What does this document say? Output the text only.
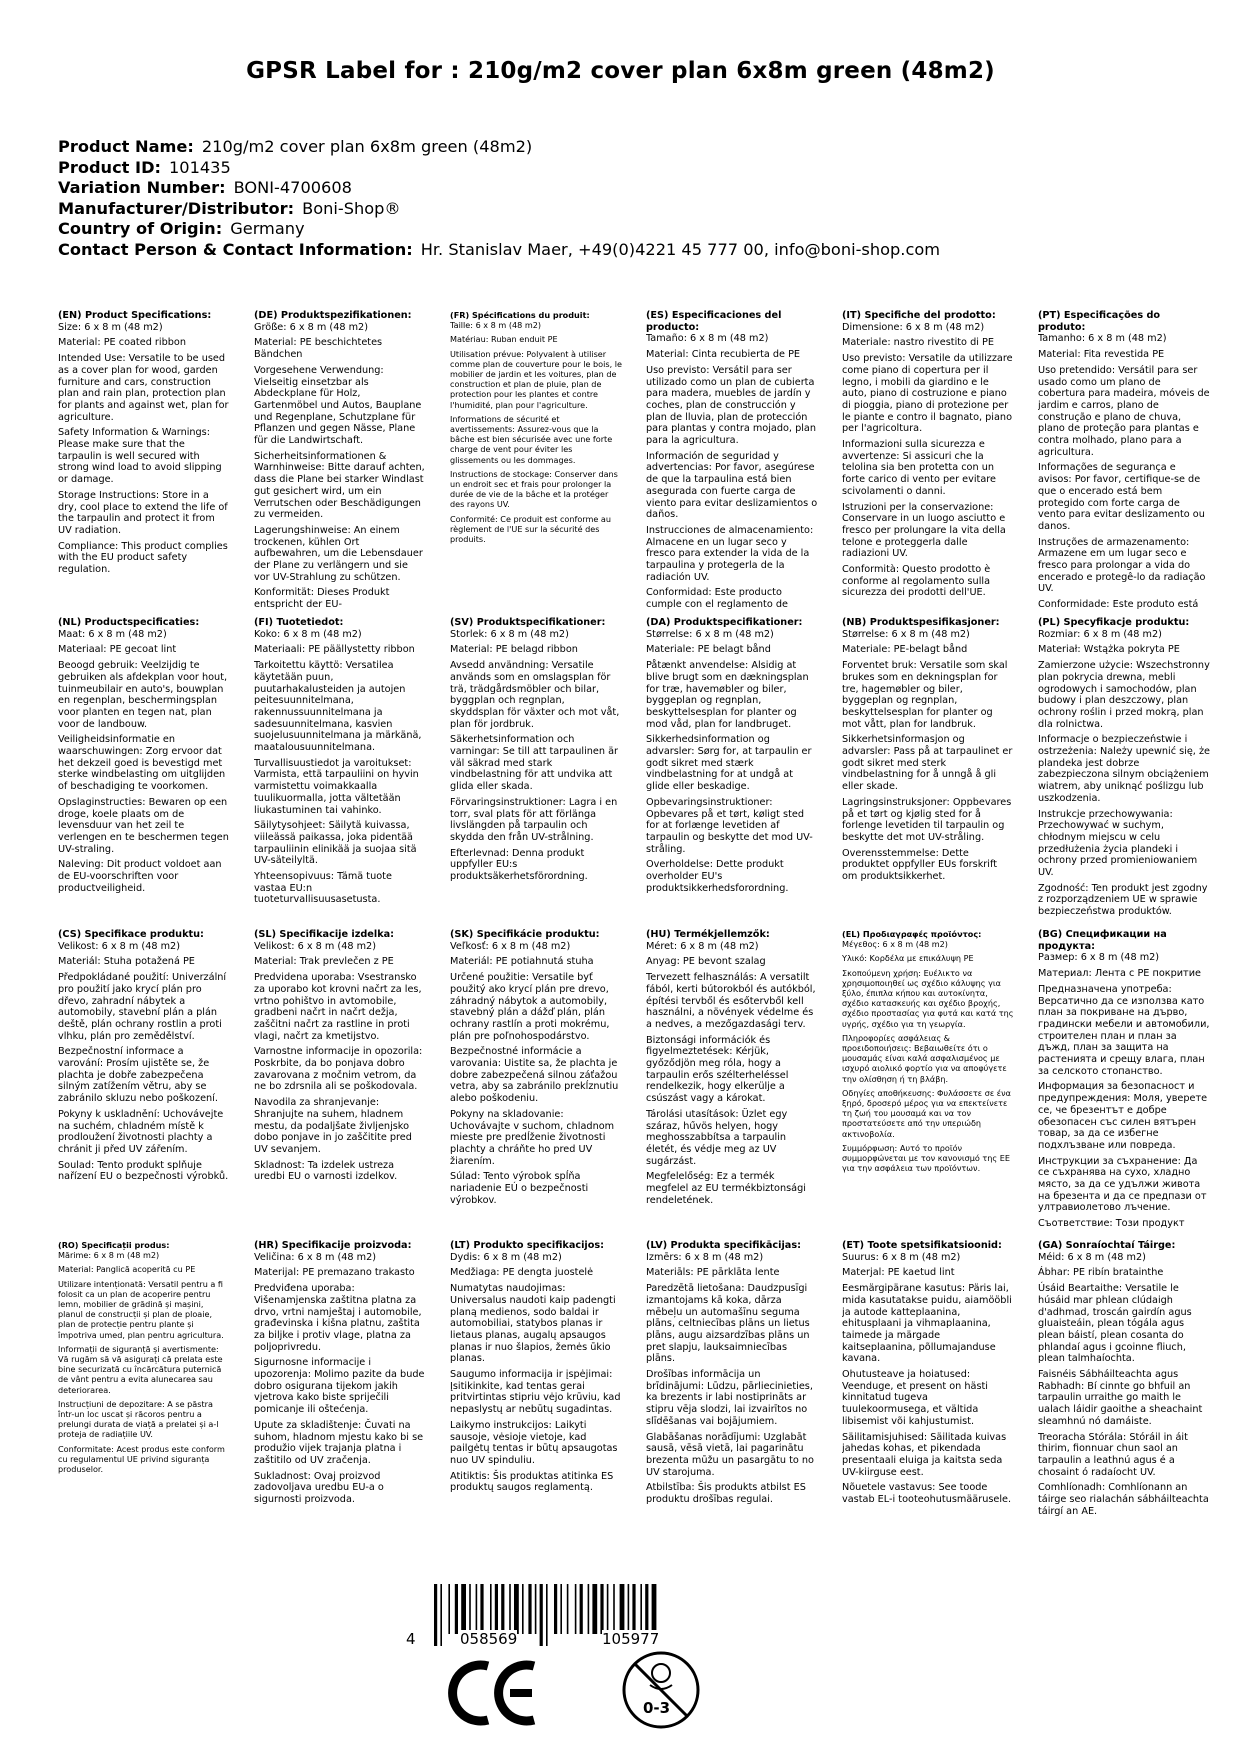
GPSR Label for : 210g/m2 cover plan 6x8m green (48m2)
Product Name: 210g/m2 cover plan 6x8m green (48m2)
Product ID: 101435
Variation Number: BONI-4700608
Manufacturer/Distributor: Boni-Shop®
Country of Origin: Germany
Contact Person & Contact Information: Hr. Stanislav Maer, +49(0)4221 45 777 00, info@boni-shop.com
(EN) Product Specifications:

Size: 6 x 8 m (48 m2)

Material: PE coated ribbon

Intended Use: Versatile to be used as a cover plan for wood, garden furniture and cars, construction plan and rain plan, protection plan for plants and against wet, plan for agriculture.

Safety Information & Warnings: Please make sure that the tarpaulin is well secured with strong wind load to avoid slipping or damage.

Storage Instructions: Store in a dry, cool place to extend the life of the tarpaulin and protect it from UV radiation.

Compliance: This product complies with the EU product safety regulation.

(DE) Produktspezifikationen:

Größe: 6 x 8 m (48 m2)

Material: PE beschichtetes Bändchen

Vorgesehene Verwendung: Vielseitig einsetzbar als Abdeckplane für Holz, Gartenmöbel und Autos, Bauplane und Regenplane, Schutzplane für Pflanzen und gegen Nässe, Plane für die Landwirtschaft.

Sicherheitsinformationen & Warnhinweise: Bitte darauf achten, dass die Plane bei starker Windlast gut gesichert wird, um ein Verrutschen oder Beschädigungen zu vermeiden.

Lagerungshinweise: An einem trockenen, kühlen Ort aufbewahren, um die Lebensdauer der Plane zu verlängern und sie vor UV-Strahlung zu schützen.

Konformität: Dieses Produkt entspricht der EU-

(FR) Spécifications du produit:

Taille: 6 x 8 m (48 m2)

Matériau: Ruban enduit PE

Utilisation prévue: Polyvalent à utiliser comme plan de couverture pour le bois, le mobilier de jardin et les voitures, plan de construction et plan de pluie, plan de protection pour les plantes et contre l'humidité, plan pour l'agriculture.

Informations de sécurité et avertissements: Assurez-vous que la bâche est bien sécurisée avec une forte charge de vent pour éviter les glissements ou les dommages.

Instructions de stockage: Conserver dans un endroit sec et frais pour prolonger la durée de vie de la bâche et la protéger des rayons UV.

Conformité: Ce produit est conforme au règlement de l'UE sur la sécurité des produits.

(ES) Especificaciones del producto:

Tamaño: 6 x 8 m (48 m2)

Material: Cinta recubierta de PE

Uso previsto: Versátil para ser utilizado como un plan de cubierta para madera, muebles de jardín y coches, plan de construcción y plan de lluvia, plan de protección para plantas y contra mojado, plan para la agricultura.

Información de seguridad y advertencias: Por favor, asegúrese de que la tarpaulina está bien asegurada con fuerte carga de viento para evitar deslizamientos o daños.

Instrucciones de almacenamiento: Almacene en un lugar seco y fresco para extender la vida de la tarpaulina y protegerla de la radiación UV.

Conformidad: Este producto cumple con el reglamento de

(IT) Specifiche del prodotto:

Dimensione: 6 x 8 m (48 m2)

Materiale: nastro rivestito di PE

Uso previsto: Versatile da utilizzare come piano di copertura per il legno, i mobili da giardino e le auto, piano di costruzione e piano di pioggia, piano di protezione per le piante e contro il bagnato, piano per l'agricoltura.

Informazioni sulla sicurezza e avvertenze: Si assicuri che la telolina sia ben protetta con un forte carico di vento per evitare scivolamenti o danni.

Istruzioni per la conservazione: Conservare in un luogo asciutto e fresco per prolungare la vita della telone e proteggerla dalle radiazioni UV.

Conformità: Questo prodotto è conforme al regolamento sulla sicurezza dei prodotti dell'UE.

(PT) Especificações do produto:

Tamanho: 6 x 8 m (48 m2)

Material: Fita revestida PE

Uso pretendido: Versátil para ser usado como um plano de cobertura para madeira, móveis de jardim e carros, plano de construção e plano de chuva, plano de proteção para plantas e contra molhado, plano para a agricultura.

Informações de segurança e avisos: Por favor, certifique-se de que o encerado está bem protegido com forte carga de vento para evitar deslizamento ou danos.

Instruções de armazenamento: Armazene em um lugar seco e fresco para prolongar a vida do encerado e protegê-lo da radiação UV.

Conformidade: Este produto está

(NL) Productspecificaties:

Maat: 6 x 8 m (48 m2)

Materiaal: PE gecoat lint

Beoogd gebruik: Veelzijdig te gebruiken als afdekplan voor hout, tuinmeubilair en auto's, bouwplan en regenplan, beschermingsplan voor planten en tegen nat, plan voor de landbouw.

Veiligheidsinformatie en waarschuwingen: Zorg ervoor dat het dekzeil goed is bevestigd met sterke windbelasting om uitglijden of beschadiging te voorkomen.

Opslaginstructies: Bewaren op een droge, koele plaats om de levensduur van het zeil te verlengen en te beschermen tegen UV-straling.

Naleving: Dit product voldoet aan de EU-voorschriften voor productveiligheid.

(FI) Tuotetiedot:

Koko: 6 x 8 m (48 m2)

Materiaali: PE päällystetty ribbon

Tarkoitettu käyttö: Versatilea käytetään puun, puutarhakalusteiden ja autojen peitesuunnitelmana, rakennussuunnitelmana ja sadesuunnitelmana, kasvien suojelusuunnitelmana ja märkänä, maatalousuunnitelmana.

Turvallisuustiedot ja varoitukset: Varmista, että tarpauliini on hyvin varmistettu voimakkaalla tuulikuormalla, jotta vältetään liukastuminen tai vahinko.

Säilytysohjeet: Säilytä kuivassa, viileässä paikassa, joka pidentää tarpauliinin elinikää ja suojaa sitä UV-säteilyltä.

Yhteensopivuus: Tämä tuote vastaa EU:n tuoteturvallisuusasetusta.

(SV) Produktspecifikationer:

Storlek: 6 x 8 m (48 m2)

Material: PE belagd ribbon

Avsedd användning: Versatile används som en omslagsplan för trä, trädgårdsmöbler och bilar, byggplan och regnplan, skyddsplan för växter och mot våt, plan för jordbruk.

Säkerhetsinformation och varningar: Se till att tarpaulinen är väl säkrad med stark vindbelastning för att undvika att glida eller skada.

Förvaringsinstruktioner: Lagra i en torr, sval plats för att förlänga livslängden på tarpaulin och skydda den från UV-strålning.

Efterlevnad: Denna produkt uppfyller EU:s produktsäkerhetsförordning.

(DA) Produktspecifikationer:

Størrelse: 6 x 8 m (48 m2)

Materiale: PE belagt bånd

Påtænkt anvendelse: Alsidig at blive brugt som en dækningsplan for træ, havemøbler og biler, byggeplan og regnplan, beskyttelsesplan for planter og mod våd, plan for landbruget.

Sikkerhedsinformation og advarsler: Sørg for, at tarpaulin er godt sikret med stærk vindbelastning for at undgå at glide eller beskadige.

Opbevaringsinstruktioner: Opbevares på et tørt, køligt sted for at forlænge levetiden af tarpaulin og beskytte det mod UV-stråling.

Overholdelse: Dette produkt overholder EU's produktsikkerhedsforordning.

(NB) Produktspesifikasjoner:

Størrelse: 6 x 8 m (48 m2)

Materiale: PE-belagt bånd

Forventet bruk: Versatile som skal brukes som en dekningsplan for tre, hagemøbler og biler, byggeplan og regnplan, beskyttelsesplan for planter og mot vått, plan for landbruk.

Sikkerhetsinformasjon og advarsler: Pass på at tarpaulinet er godt sikret med sterk vindbelastning for å unngå å gli eller skade.

Lagringsinstruksjoner: Oppbevares på et tørt og kjølig sted for å forlenge levetiden til tarpaulin og beskytte det mot UV-stråling.

Overensstemmelse: Dette produktet oppfyller EUs forskrift om produktsikkerhet.

(PL) Specyfikacje produktu:

Rozmiar: 6 x 8 m (48 m2)

Materiał: Wstążka pokryta PE

Zamierzone użycie: Wszechstronny plan pokrycia drewna, mebli ogrodowych i samochodów, plan budowy i plan deszczowy, plan ochrony roślin i przed mokrą, plan dla rolnictwa.

Informacje o bezpieczeństwie i ostrzeżenia: Należy upewnić się, że plandeka jest dobrze zabezpieczona silnym obciążeniem wiatrem, aby uniknąć poślizgu lub uszkodzenia.

Instrukcje przechowywania: Przechowywać w suchym, chłodnym miejscu w celu przedłużenia życia plandeki i ochrony przed promieniowaniem UV.

Zgodność: Ten produkt jest zgodny z rozporządzeniem UE w sprawie bezpieczeństwa produktów.

(CS) Specifikace produktu:

Velikost: 6 x 8 m (48 m2)

Materiál: Stuha potažená PE

Předpokládané použití: Univerzální pro použití jako krycí plán pro dřevo, zahradní nábytek a automobily, stavební plán a plán deště, plán ochrany rostlin a proti vlhku, plán pro zemědělství.

Bezpečnostní informace a varování: Prosím ujistěte se, že plachta je dobře zabezpečena silným zatížením větru, aby se zabránilo skluzu nebo poškození.

Pokyny k uskladnění: Uchovávejte na suchém, chladném místě k prodloužení životnosti plachty a chránit ji před UV zářením.

Soulad: Tento produkt splňuje nařízení EU o bezpečnosti výrobků.

(SL) Specifikacije izdelka:

Velikost: 6 x 8 m (48 m2)

Material: Trak prevlečen z PE

Predvidena uporaba: Vsestransko za uporabo kot krovni načrt za les, vrtno pohištvo in avtomobile, gradbeni načrt in načrt dežja, zaščitni načrt za rastline in proti vlagi, načrt za kmetijstvo.

Varnostne informacije in opozorila: Poskrbite, da bo ponjava dobro zavarovana z močnim vetrom, da ne bo zdrsnila ali se poškodovala.

Navodila za shranjevanje: Shranjujte na suhem, hladnem mestu, da podaljšate življenjsko dobo ponjave in jo zaščitite pred UV sevanjem.

Skladnost: Ta izdelek ustreza uredbi EU o varnosti izdelkov.

(SK) Špecifikácie produktu:

Veľkosť: 6 x 8 m (48 m2)

Materiál: PE potiahnutá stuha

Určené použitie: Versatile byť použitý ako krycí plán pre drevo, záhradný nábytok a automobily, stavebný plán a dážď plán, plán ochrany rastlín a proti mokrému, plán pre poľnohospodárstvo.

Bezpečnostné informácie a varovania: Uistite sa, že plachta je dobre zabezpečená silnou záťažou vetra, aby sa zabránilo prekĺznutiu alebo poškodeniu.

Pokyny na skladovanie: Uchovávajte v suchom, chladnom mieste pre predĺženie životnosti plachty a chráňte ho pred UV žiarením.

Súlad: Tento výrobok spĺňa nariadenie EÚ o bezpečnosti výrobkov.

(HU) Termékjellemzők:

Méret: 6 x 8 m (48 m2)

Anyag: PE bevont szalag

Tervezett felhasználás: A versatilt fából, kerti bútorokból és autókból, építési tervből és esőtervből kell használni, a növények védelme és a nedves, a mezőgazdasági terv.

Biztonsági információk és figyelmeztetések: Kérjük, győződjön meg róla, hogy a tarpaulin erős szélterheléssel rendelkezik, hogy elkerülje a csúszást vagy a károkat.

Tárolási utasítások: Üzlet egy száraz, hűvös helyen, hogy meghosszabbítsa a tarpaulin életét, és védje meg az UV sugárzást.

Megfelelőség: Ez a termék megfelel az EU termékbiztonsági rendeletének.

(EL) Προδιαγραφές προϊόντος:

Μέγεθος: 6 x 8 m (48 m2)

Υλικό: Κορδέλα με επικάλυψη PE

Σκοπούμενη χρήση: Ευέλικτο να χρησιμοποιηθεί ως σχέδιο κάλυψης για ξύλο, έπιπλα κήπου και αυτοκίνητα, σχέδιο κατασκευής και σχέδιο βροχής, σχέδιο προστασίας για φυτά και κατά της υγρής, σχέδιο για τη γεωργία.

Πληροφορίες ασφάλειας & προειδοποιήσεις: Βεβαιωθείτε ότι ο μουσαμάς είναι καλά ασφαλισμένος με ισχυρό αιολικό φορτίο για να αποφύγετε την ολίσθηση ή τη βλάβη.

Οδηγίες αποθήκευσης: Φυλάσσετε σε ένα ξηρό, δροσερό μέρος για να επεκτείνετε τη ζωή του μουσαμά και να τον προστατεύσετε από την υπεριώδη ακτινοβολία.

Συμμόρφωση: Αυτό το προϊόν συμμορφώνεται με τον κανονισμό της ΕΕ για την ασφάλεια των προϊόντων.

(BG) Спецификации на продукта:

Размер: 6 x 8 m (48 m2)

Материал: Лента с PE покритие

Предназначена употреба: Версатично да се използва като план за покриване на дърво, градински мебели и автомобили, строителен план и план за дъжд, план за защита на растенията и срещу влага, план за селското стопанство.

Информация за безопасност и предупреждения: Моля, уверете се, че брезентът е добре обезопасен със силен вятърен товар, за да се избегне подхлъзване или повреда.

Инструкции за съхранение: Да се съхранява на сухо, хладно място, за да се удължи живота на брезента и да се предпази от ултравиолетово лъчение.

Съответствие: Този продукт

(RO) Specificații produs:

Mărime: 6 x 8 m (48 m2)

Material: Panglică acoperită cu PE

Utilizare intenționată: Versatil pentru a fi folosit ca un plan de acoperire pentru lemn, mobilier de grădină și mașini, planul de construcții și plan de ploaie, plan de protecție pentru plante și împotriva umed, plan pentru agricultura.

Informații de siguranță și avertismente: Vă rugăm să vă asigurați că prelata este bine securizată cu încărcătura puternică de vânt pentru a evita alunecarea sau deteriorarea.

Instrucțiuni de depozitare: A se păstra într-un loc uscat și răcoros pentru a prelungi durata de viață a prelatei și a-l proteja de radiațiile UV.

Conformitate: Acest produs este conform cu regulamentul UE privind siguranța produselor.

(HR) Specifikacije proizvoda:

Veličina: 6 x 8 m (48 m2)

Materijal: PE premazano trakasto

Predviđena uporaba: Višenamjenska zaštitna platna za drvo, vrtni namještaj i automobile, građevinska i kišna platnu, zaštita za biljke i protiv vlage, platna za poljoprivredu.

Sigurnosne informacije i upozorenja: Molimo pazite da bude dobro osigurana tijekom jakih vjetrova kako biste spriječili pomicanje ili oštećenja.

Upute za skladištenje: Čuvati na suhom, hladnom mjestu kako bi se produžio vijek trajanja platna i zaštitilo od UV zračenja.

Sukladnost: Ovaj proizvod zadovoljava uredbu EU-a o sigurnosti proizvoda.

(LT) Produkto specifikacijos:

Dydis: 6 x 8 m (48 m2)

Medžiaga: PE dengta juostelė

Numatytas naudojimas: Universalus naudoti kaip padengti planą medienos, sodo baldai ir automobiliai, statybos planas ir lietaus planas, augalų apsaugos planas ir nuo šlapios, žemės ūkio planas.

Saugumo informacija ir įspėjimai: Įsitikinkite, kad tentas gerai pritvirtintas stipriu vėjo krūviu, kad nepaslystų ar nebūtų sugadintas.

Laikymo instrukcijos: Laikyti sausoje, vėsioje vietoje, kad pailgėtų tentas ir būtų apsaugotas nuo UV spinduliu.

Atitiktis: Šis produktas atitinka ES produktų saugos reglamentą.

(LV) Produkta specifikācijas:

Izmērs: 6 x 8 m (48 m2)

Materiāls: PE pārklāta lente

Paredzētā lietošana: Daudzpusīgi izmantojams kā koka, dārza mēbeļu un automašīnu seguma plāns, celtniecības plāns un lietus plāns, augu aizsardzības plāns un pret slapju, lauksaimniecības plāns.

Drošības informācija un brīdinājumi: Lūdzu, pārliecinieties, ka brezents ir labi nostiprināts ar stipru vēja slodzi, lai izvairītos no slīdēšanas vai bojājumiem.

Glabāšanas norādījumi: Uzglabāt sausā, vēsā vietā, lai pagarinātu brezenta mūžu un pasargātu to no UV starojuma.

Atbilstība: Šis produkts atbilst ES produktu drošības regulai.

(ET) Toote spetsifikatsioonid:

Suurus: 6 x 8 m (48 m2)

Materjal: PE kaetud lint

Eesmärgipärane kasutus: Päris lai, mida kasutatakse puidu, aiamööbli ja autode katteplaanina, ehitusplaani ja vihmaplaanina, taimede ja märgade kaitseplaanina, põllumajanduse kavana.

Ohutusteave ja hoiatused: Veenduge, et present on hästi kinnitatud tugeva tuulekoormusega, et vältida libisemist või kahjustumist.

Säilitamisjuhised: Säilitada kuivas jahedas kohas, et pikendada presentaali eluiga ja kaitsta seda UV-kiirguse eest.

Nõuetele vastavus: See toode vastab EL-i tooteohutusmäärusele.

(GA) Sonraíochtaí Táirge:

Méid: 6 x 8 m (48 m2)

Ábhar: PE ribín bratainthe

Úsáid Beartaithe: Versatile le húsáid mar phlean clúdaigh d'adhmad, troscán gairdín agus gluaisteáin, plean tógála agus plean báistí, plean cosanta do phlandaí agus i gcoinne fliuch, plean talmhaíochta.

Faisnéis Sábháilteachta agus Rabhadh: Bí cinnte go bhfuil an tarpaulin urraithe go maith le ualach láidir gaoithe a sheachaint sleamhnú nó damáiste.

Treoracha Stórála: Stóráil in áit thirim, fionnuar chun saol an tarpaulin a leathnú agus é a chosaint ó radaíocht UV.

Comhlíonadh: Comhlíonann an táirge seo rialachán sábháilteachta táirgí an AE.

4	058569	105977
0-3
